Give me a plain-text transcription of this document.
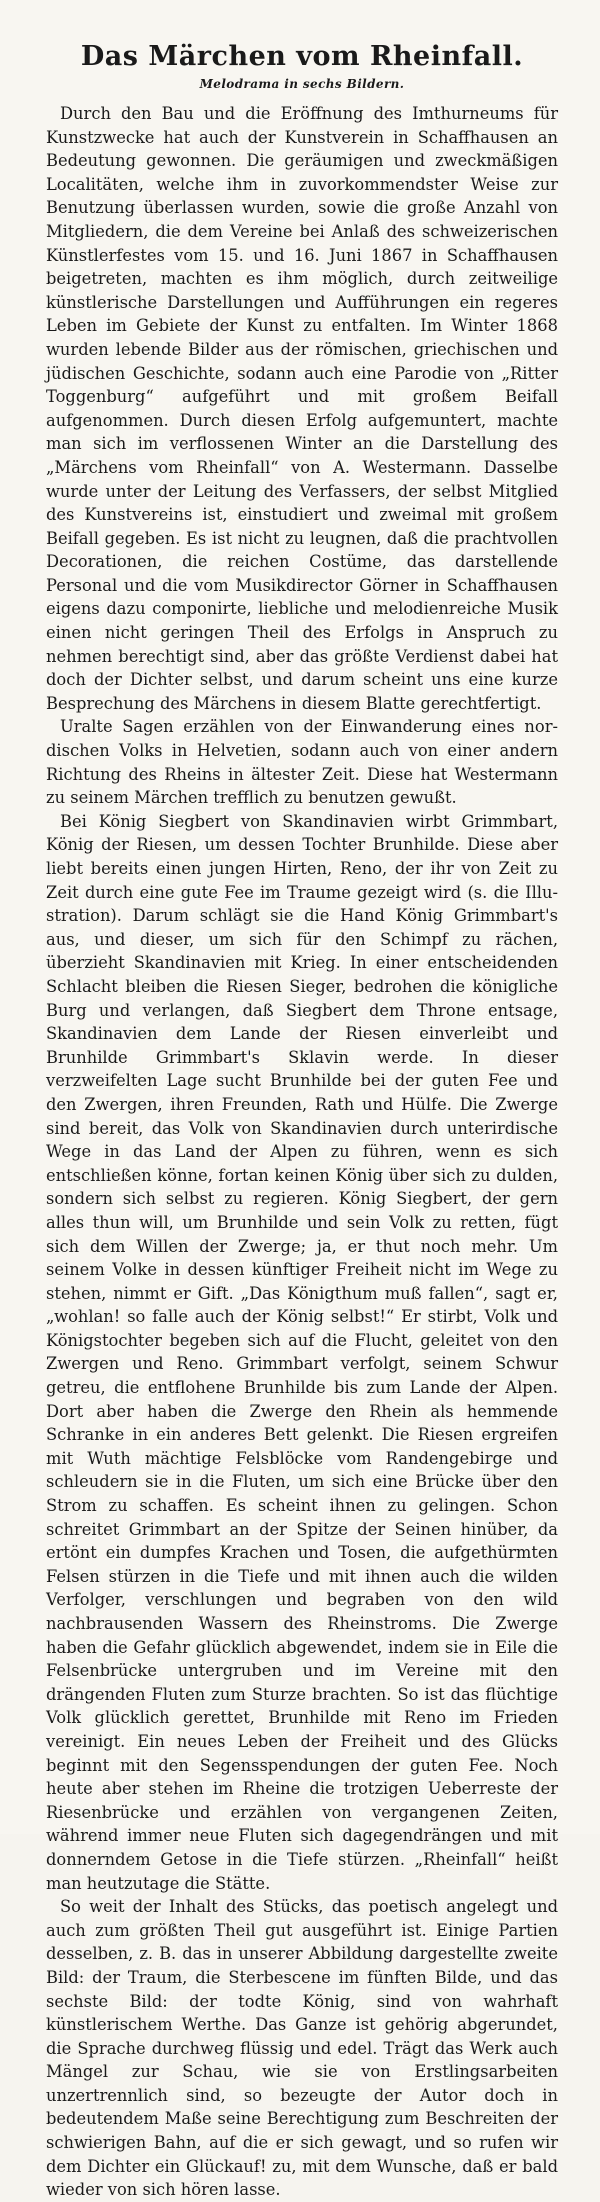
Das Märchen vom Rheinfall.
Melodrama in sechs Bildern.

Durch den Bau und die Eröffnung des Imthurneums für Kunstzwecke hat auch der Kunstverein in Schaffhausen an Bedeutung gewonnen. Die geräumigen und zweckmäßigen Localitäten, welche ihm in zuvorkommendster Weise zur Benutzung überlassen wurden, sowie die große Anzahl von Mitgliedern, die dem Vereine bei Anlaß des schweizerischen Künstlerfestes vom 15. und 16. Juni 1867 in Schaffhausen beigetreten, machten es ihm möglich, durch zeitweilige künstlerische Darstellungen und Aufführungen ein regeres Leben im Gebiete der Kunst zu entfalten. Im Winter 1868 wurden lebende Bilder aus der römischen, griechischen und jüdischen Geschichte, sodann auch eine Parodie von „Ritter Toggenburg“ aufgeführt und mit großem Beifall aufgenommen. Durch diesen Erfolg aufgemuntert, machte man sich im verflossenen Winter an die Darstellung des „Märchens vom Rheinfall“ von A. Westermann. Dasselbe wurde unter der Leitung des Verfassers, der selbst Mitglied des Kunstvereins ist, einstudiert und zweimal mit großem Beifall gegeben. Es ist nicht zu leugnen, daß die prachtvollen Decorationen, die reichen Costüme, das darstellende Personal und die vom Musikdirector Görner in Schaffhausen eigens dazu componirte, liebliche und melodienreiche Musik einen nicht geringen Theil des Erfolgs in Anspruch zu nehmen berechtigt sind, aber das größte Verdienst dabei hat doch der Dichter selbst, und darum scheint uns eine kurze Besprechung des Märchens in diesem Blatte gerechtfertigt.

Uralte Sagen erzählen von der Einwanderung eines nordischen Volks in Helvetien, sodann auch von einer andern Richtung des Rheins in ältester Zeit. Diese hat Westermann zu seinem Märchen trefflich zu benutzen gewußt.

Bei König Siegbert von Skandinavien wirbt Grimmbart, König der Riesen, um dessen Tochter Brunhilde. Diese aber liebt bereits einen jungen Hirten, Reno, der ihr von Zeit zu Zeit durch eine gute Fee im Traume gezeigt wird (s. die Illustration). Darum schlägt sie die Hand König Grimmbart's aus, und dieser, um sich für den Schimpf zu rächen, überzieht Skandinavien mit Krieg. In einer entscheidenden Schlacht bleiben die Riesen Sieger, bedrohen die königliche Burg und verlangen, daß Siegbert dem Throne entsage, Skandinavien dem Lande der Riesen einverleibt und Brunhilde Grimmbart's Sklavin werde. In dieser verzweifelten Lage sucht Brunhilde bei der guten Fee und den Zwergen, ihren Freunden, Rath und Hülfe. Die Zwerge sind bereit, das Volk von Skandinavien durch unterirdische Wege in das Land der Alpen zu führen, wenn es sich entschließen könne, fortan keinen König über sich zu dulden, sondern sich selbst zu regieren. König Siegbert, der gern alles thun will, um Brunhilde und sein Volk zu retten, fügt sich dem Willen der Zwerge; ja, er thut noch mehr. Um seinem Volke in dessen künftiger Freiheit nicht im Wege zu stehen, nimmt er Gift. „Das Königthum muß fallen“, sagt er, „wohlan! so falle auch der König selbst!“ Er stirbt, Volk und Königstochter begeben sich auf die Flucht, geleitet von den Zwergen und Reno. Grimmbart verfolgt, seinem Schwur getreu, die entflohene Brunhilde bis zum Lande der Alpen. Dort aber haben die Zwerge den Rhein als hemmende Schranke in ein anderes Bett gelenkt. Die Riesen ergreifen mit Wuth mächtige Felsblöcke vom Randengebirge und schleudern sie in die Fluten, um sich eine Brücke über den Strom zu schaffen. Es scheint ihnen zu gelingen. Schon schreitet Grimmbart an der Spitze der Seinen hinüber, da ertönt ein dumpfes Krachen und Tosen, die aufgethürmten Felsen stürzen in die Tiefe und mit ihnen auch die wilden Verfolger, verschlungen und begraben von den wild nachbrausenden Wassern des Rheinstroms. Die Zwerge haben die Gefahr glücklich abgewendet, indem sie in Eile die Felsenbrücke untergruben und im Vereine mit den drängenden Fluten zum Sturze brachten. So ist das flüchtige Volk glücklich gerettet, Brunhilde mit Reno im Frieden vereinigt. Ein neues Leben der Freiheit und des Glücks beginnt mit den Segensspendungen der guten Fee. Noch heute aber stehen im Rheine die trotzigen Ueberreste der Riesenbrücke und erzählen von vergangenen Zeiten, während immer neue Fluten sich dagegendrängen und mit donnerndem Getose in die Tiefe stürzen. „Rheinfall“ heißt man heutzutage die Stätte.

So weit der Inhalt des Stücks, das poetisch angelegt und auch zum größten Theil gut ausgeführt ist. Einige Partien desselben, z. B. das in unserer Abbildung dargestellte zweite Bild: der Traum, die Sterbescene im fünften Bilde, und das sechste Bild: der todte König, sind von wahrhaft künstlerischem Werthe. Das Ganze ist gehörig abgerundet, die Sprache durchweg flüssig und edel. Trägt das Werk auch Mängel zur Schau, wie sie von Erstlingsarbeiten unzertrennlich sind, so bezeugte der Autor doch in bedeutendem Maße seine Berechtigung zum Beschreiten der schwierigen Bahn, auf die er sich gewagt, und so rufen wir dem Dichter ein Glückauf! zu, mit dem Wunsche, daß er bald wieder von sich hören lasse.
